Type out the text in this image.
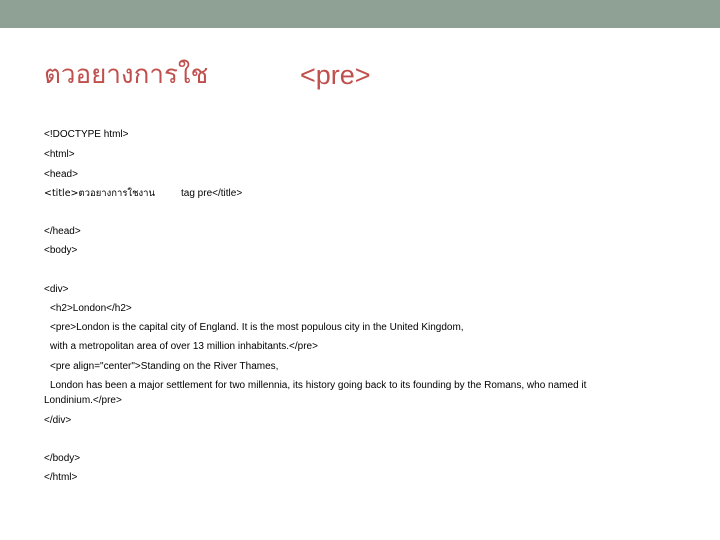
ตวอยางการใช	<pre>
<!DOCTYPE html>
<html>
<head>
<title>ตวอยางการใชงาน	tag pre</title>
</head>
<body>
<div>
<h2>London</h2>
<pre>London is the capital city of England. It is the most populous city in the United Kingdom,
with a metropolitan area of over 13 million inhabitants.</pre>
<pre align="center">Standing on the River Thames,
London has been a major settlement for two millennia, its history going back to its founding by the Romans, who named it
Londinium.</pre>
</div>
</body>
</html>
